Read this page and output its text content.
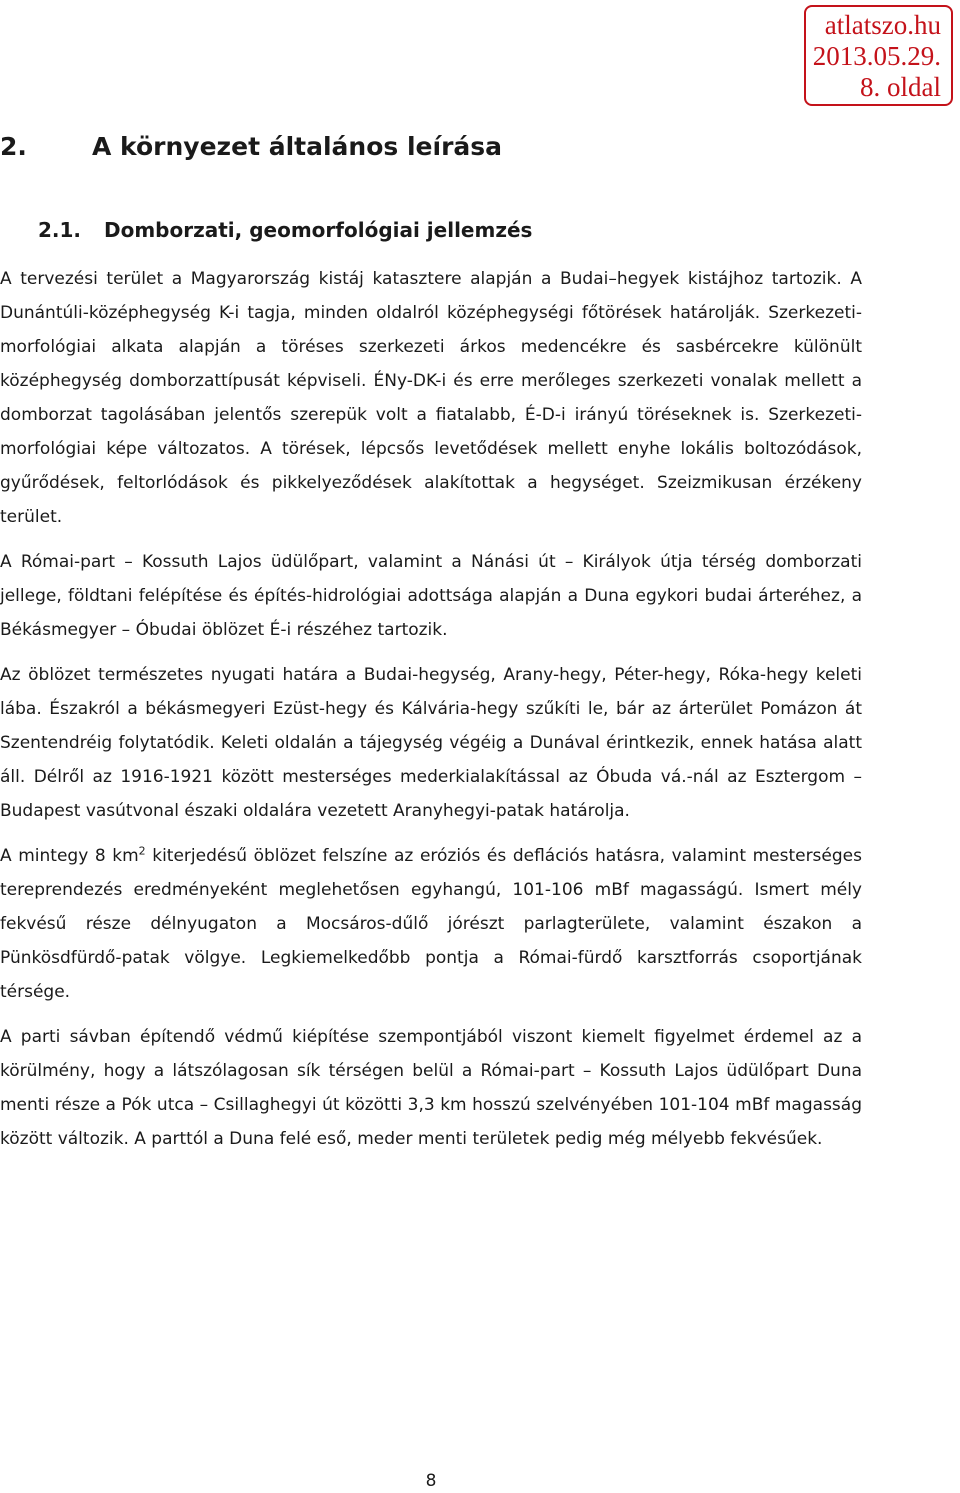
atlatszo.hu
2013.05.29.
8. oldal
2.	A környezet általános leírása
2.1. Domborzati, geomorfológiai jellemzés

A tervezési terület a Magyarország kistáj katasztere alapján a Budai–hegyek kistájhoz tartozik. A Dunántúli-középhegység K-i tagja, minden oldalról középhegységi főtörések határolják. Szerkezeti-morfológiai alkata alapján a töréses szerkezeti árkos medencékre és sasbércekre különült középhegység domborzattípusát képviseli. ÉNy-DK-i és erre merőleges szerkezeti vonalak mellett a domborzat tagolásában jelentős szerepük volt a fiatalabb, É-D-i irányú töréseknek is. Szerkezeti-morfológiai képe változatos. A törések, lépcsős levetődések mellett enyhe lokális boltozódások, gyűrődések, feltorlódások és pikkelyeződések alakítottak a hegységet. Szeizmikusan érzékeny terület.

A Római-part – Kossuth Lajos üdülőpart, valamint a Nánási út – Királyok útja térség domborzati jellege, földtani felépítése és építés-hidrológiai adottsága alapján a Duna egykori budai árteréhez, a Békásmegyer – Óbudai öblözet É-i részéhez tartozik.

Az öblözet természetes nyugati határa a Budai-hegység, Arany-hegy, Péter-hegy, Róka-hegy keleti lába. Északról a békásmegyeri Ezüst-hegy és Kálvária-hegy szűkíti le, bár az árterület Pomázon át Szentendréig folytatódik. Keleti oldalán a tájegység végéig a Dunával érintkezik, ennek hatása alatt áll. Délről az 1916-1921 között mesterséges mederkialakítással az Óbuda vá.-nál az Esztergom – Budapest vasútvonal északi oldalára vezetett Aranyhegyi-patak határolja.

A mintegy 8 $km^2$ kiterjedésű öblözet felszíne az eróziós és deflációs hatásra, valamint mesterséges tereprendezés eredményeként meglehetősen egyhangú, 101-106 mBf magasságú. Ismert mély fekvésű része délnyugaton a Mocsáros-dűlő jórészt parlagterülete, valamint északon a Pünkösdfürdő-patak völgye. Legkiemelkedőbb pontja a Római-fürdő karsztforrás csoportjának térsége.

A parti sávban építendő védmű kiépítése szempontjából viszont kiemelt figyelmet érdemel az a körülmény, hogy a látszólagosan sík térségen belül a Római-part – Kossuth Lajos üdülőpart Duna menti része a Pók utca – Csillaghegyi út közötti 3,3 km hosszú szelvényében 101-104 mBf magasság között változik. A parttól a Duna felé eső, meder menti területek pedig még mélyebb fekvésűek.

8
